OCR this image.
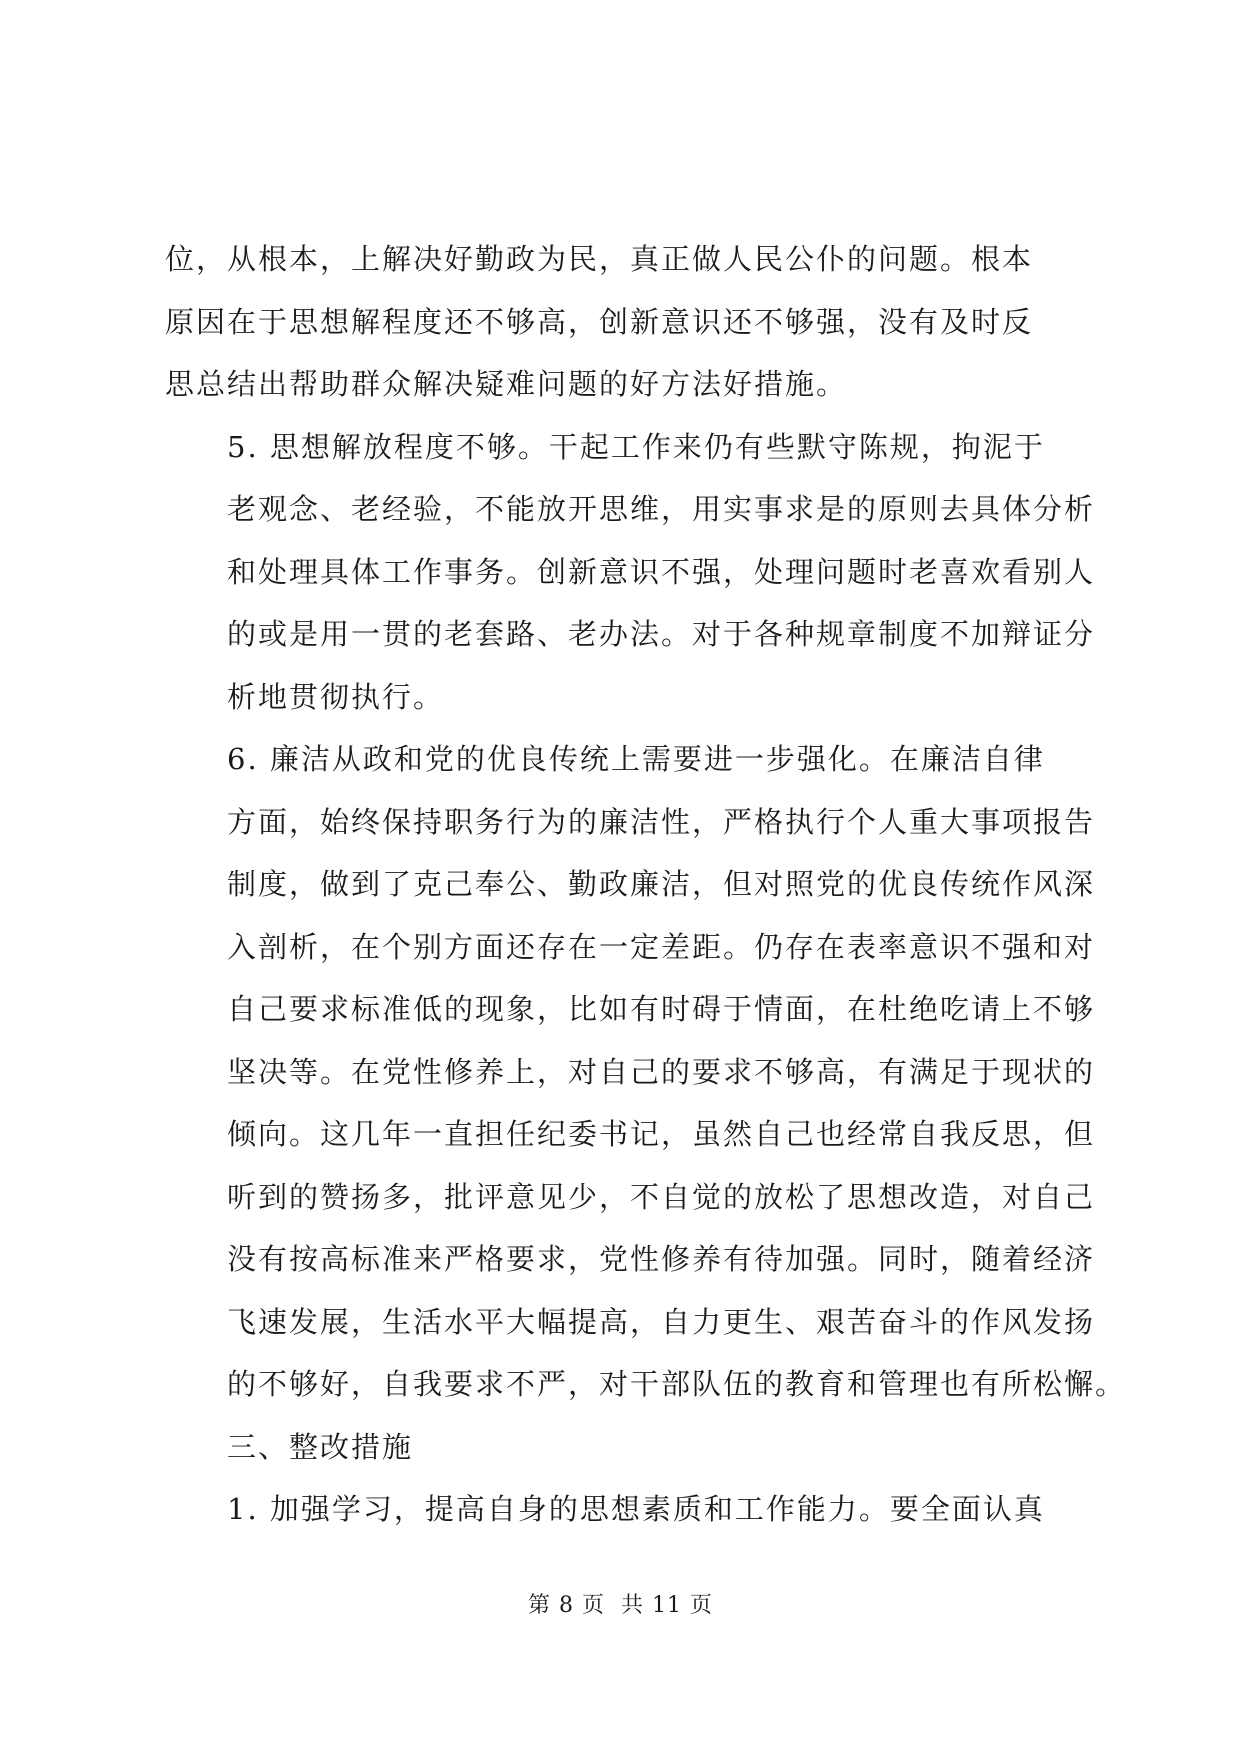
位，从根本，上解决好勤政为民，真正做人民公仆的问题。根本
原因在于思想解程度还不够高，创新意识还不够强，没有及时反
思总结出帮助群众解决疑难问题的好方法好措施。

5. 思想解放程度不够。干起工作来仍有些默守陈规，拘泥于
老观念、老经验，不能放开思维，用实事求是的原则去具体分析
和处理具体工作事务。创新意识不强，处理问题时老喜欢看别人
的或是用一贯的老套路、老办法。对于各种规章制度不加辩证分
析地贯彻执行。

6. 廉洁从政和党的优良传统上需要进一步强化。在廉洁自律
方面，始终保持职务行为的廉洁性，严格执行个人重大事项报告
制度，做到了克己奉公、勤政廉洁，但对照党的优良传统作风深
入剖析，在个别方面还存在一定差距。仍存在表率意识不强和对
自己要求标准低的现象，比如有时碍于情面，在杜绝吃请上不够
坚决等。在党性修养上，对自己的要求不够高，有满足于现状的
倾向。这几年一直担任纪委书记，虽然自己也经常自我反思，但
听到的赞扬多，批评意见少，不自觉的放松了思想改造，对自己
没有按高标准来严格要求，党性修养有待加强。同时，随着经济
飞速发展，生活水平大幅提高，自力更生、艰苦奋斗的作风发扬
的不够好，自我要求不严，对干部队伍的教育和管理也有所松懈。

三、整改措施

1. 加强学习，提高自身的思想素质和工作能力。要全面认真

第 8 页 共 11 页
